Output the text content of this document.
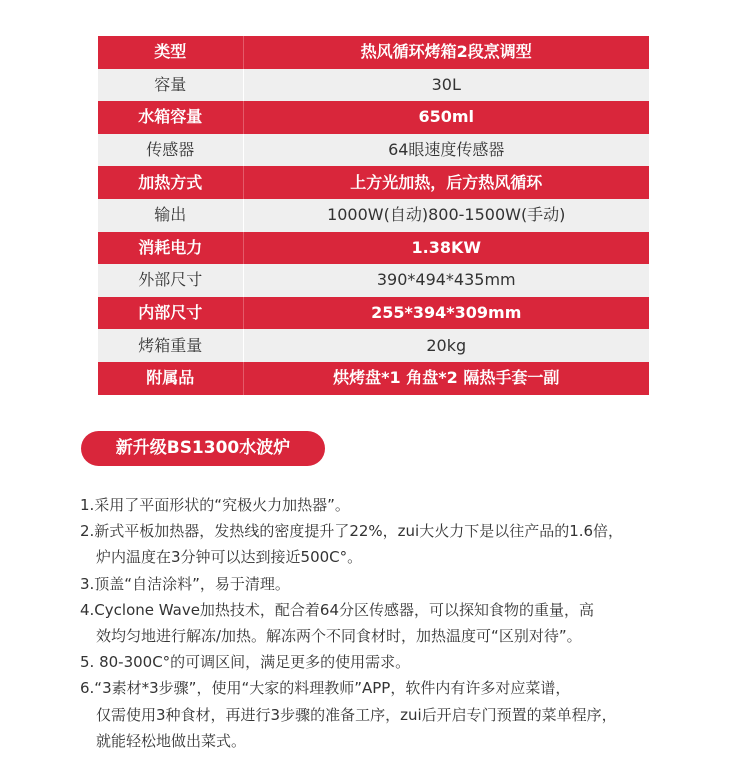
类型	热风循环烤箱2段烹调型
容量	30L
水箱容量	650ml
传感器	64眼速度传感器
加热方式	上方光加热，后方热风循环
输出	1000W(自动)800-1500W(手动)
消耗电力	1.38KW
外部尺寸	390*494*435mm
内部尺寸	255*394*309mm
烤箱重量	20kg
附属品	烘烤盘*1 角盘*2 隔热手套一副
新升级BS1300水波炉
1.采用了平面形状的“究极火力加热器”。
2.新式平板加热器，发热线的密度提升了22%，zui大火力下是以往产品的1.6倍，
炉内温度在3分钟可以达到接近500C°。
3.顶盖“自洁涂料”，易于清理。
4.Cyclone Wave加热技术，配合着64分区传感器，可以探知食物的重量，高
效均匀地进行解冻/加热。解冻两个不同食材时，加热温度可“区别对待”。
5. 80-300C°的可调区间，满足更多的使用需求。
6.“3素材*3步骤”，使用“大家的料理教师”APP，软件内有许多对应菜谱，
仅需使用3种食材，再进行3步骤的准备工序，zui后开启专门预置的菜单程序，
就能轻松地做出菜式。
